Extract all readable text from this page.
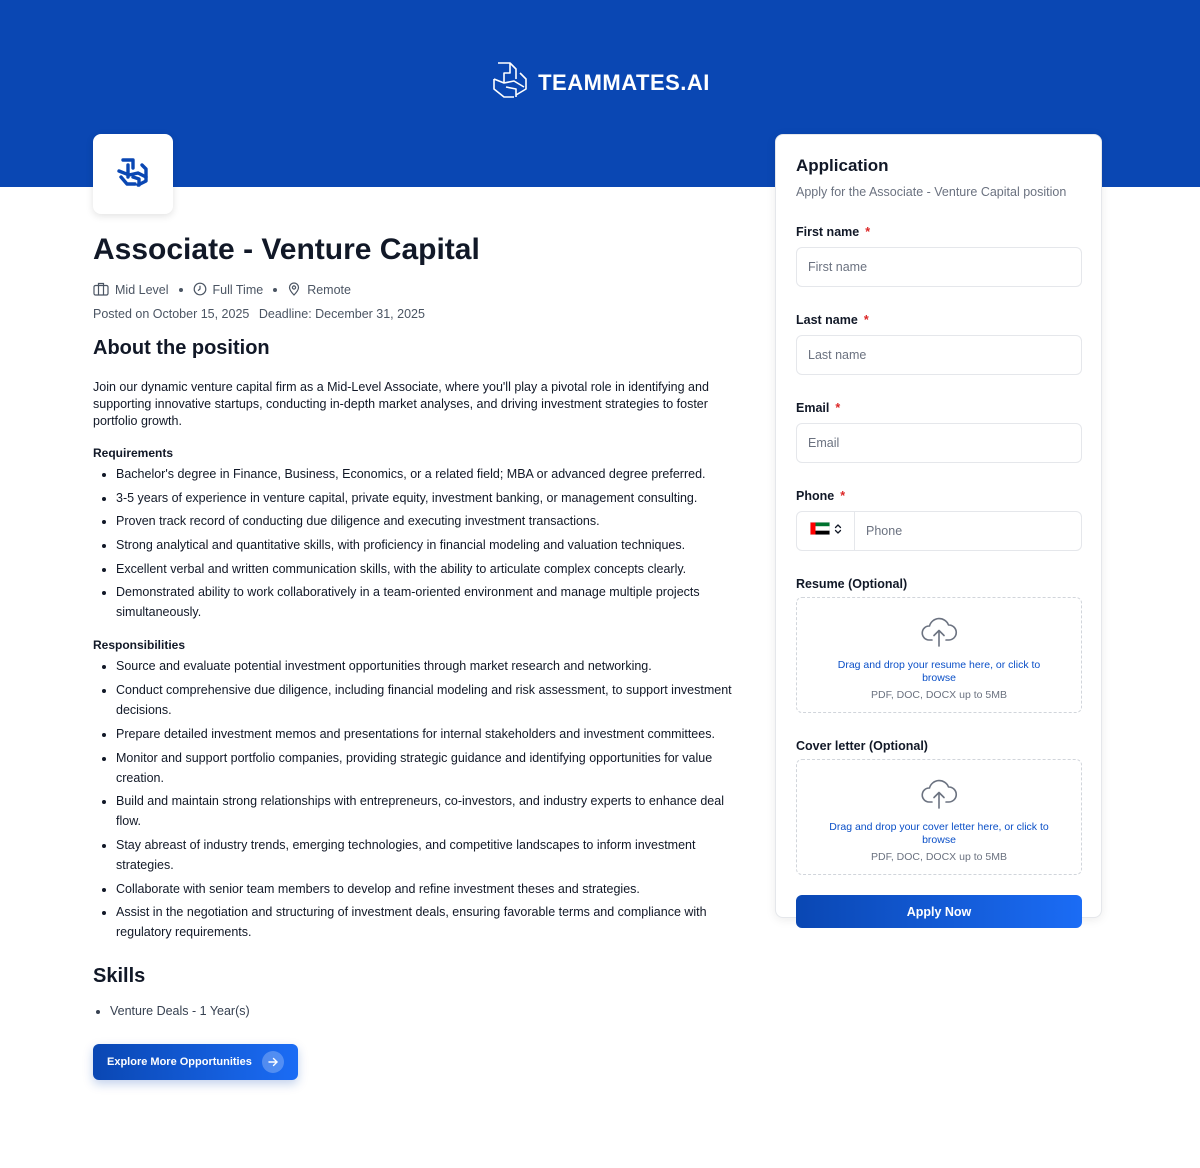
TEAMMATES.AI
Associate - Venture Capital
Mid Level	Full Time	Remote
Posted on October 15, 2025 Deadline: December 31, 2025
About the position

Join our dynamic venture capital firm as a Mid-Level Associate, where you'll play a pivotal role in identifying and supporting innovative startups, conducting in-depth market analyses, and driving investment strategies to foster portfolio growth.

Requirements
• Bachelor's degree in Finance, Business, Economics, or a related field; MBA or advanced degree preferred.
• 3-5 years of experience in venture capital, private equity, investment banking, or management consulting.
• Proven track record of conducting due diligence and executing investment transactions.
• Strong analytical and quantitative skills, with proficiency in financial modeling and valuation techniques.
• Excellent verbal and written communication skills, with the ability to articulate complex concepts clearly.
• Demonstrated ability to work collaboratively in a team-oriented environment and manage multiple projects simultaneously.
Responsibilities
• Source and evaluate potential investment opportunities through market research and networking.
• Conduct comprehensive due diligence, including financial modeling and risk assessment, to support investment decisions.
• Prepare detailed investment memos and presentations for internal stakeholders and investment committees.
• Monitor and support portfolio companies, providing strategic guidance and identifying opportunities for value creation.
• Build and maintain strong relationships with entrepreneurs, co-investors, and industry experts to enhance deal flow.
• Stay abreast of industry trends, emerging technologies, and competitive landscapes to inform investment strategies.
• Collaborate with senior team members to develop and refine investment theses and strategies.
• Assist in the negotiation and structuring of investment deals, ensuring favorable terms and compliance with regulatory requirements.
Skills
• Venture Deals - 1 Year(s)
Explore More Opportunities
Application
Apply for the Associate - Venture Capital position
First name *
First name
Last name *
Last name
Email *
Email
Phone *
Phone
Resume (Optional)
Drag and drop your resume here, or click to browse
PDF, DOC, DOCX up to 5MB
Cover letter (Optional)
Drag and drop your cover letter here, or click to browse
PDF, DOC, DOCX up to 5MB
Apply Now
